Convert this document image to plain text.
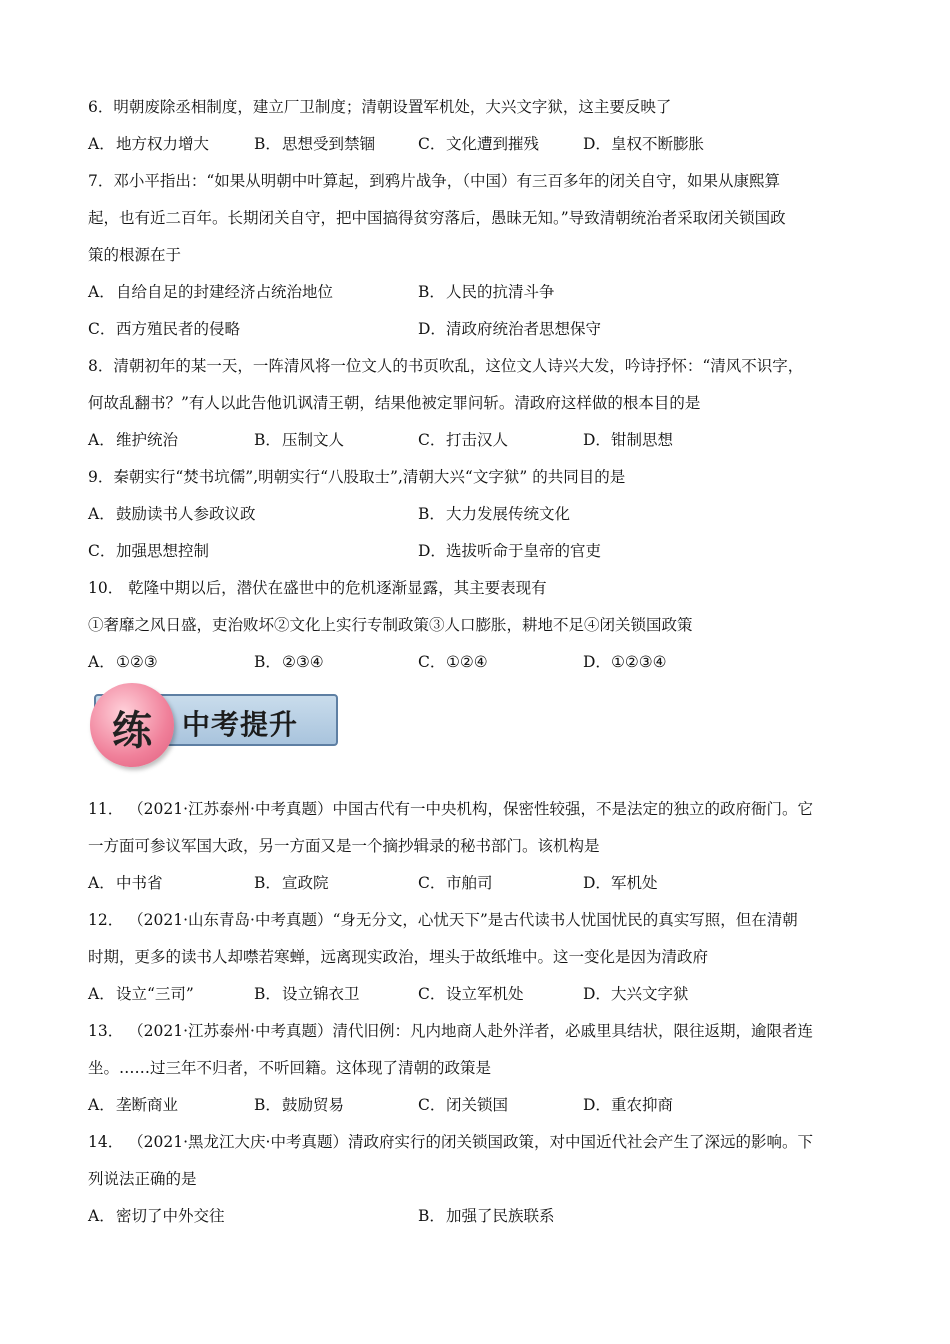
6．明朝废除丞相制度，建立厂卫制度；清朝设置军机处，大兴文字狱，这主要反映了
A．地方权力增大	B．思想受到禁锢	C．文化遭到摧残	D．皇权不断膨胀
7．邓小平指出：“如果从明朝中叶算起，到鸦片战争，（中国）有三百多年的闭关自守，如果从康熙算
起，也有近二百年。长期闭关自守，把中国搞得贫穷落后，愚昧无知。”导致清朝统治者采取闭关锁国政
策的根源在于
A．自给自足的封建经济占统治地位	B．人民的抗清斗争
C．西方殖民者的侵略	D．清政府统治者思想保守
8．清朝初年的某一天，一阵清风将一位文人的书页吹乱，这位文人诗兴大发，吟诗抒怀：“清风不识字，
何故乱翻书？”有人以此告他讥讽清王朝，结果他被定罪问斩。清政府这样做的根本目的是
A．维护统治	B．压制文人	C．打击汉人	D．钳制思想
9．秦朝实行“焚书坑儒”,明朝实行“八股取士”,清朝大兴“文字狱” 的共同目的是
A．鼓励读书人参政议政	B．大力发展传统文化
C．加强思想控制	D．选拔听命于皇帝的官吏
10． 乾隆中期以后，潜伏在盛世中的危机逐渐显露，其主要表现有
①奢靡之风日盛，吏治败坏②文化上实行专制政策③人口膨胀，耕地不足④闭关锁国政策
A．①②③	B．②③④	C．①②④	D．①②③④
练 中考提升
11． （2021·江苏泰州·中考真题）中国古代有一中央机构，保密性较强，不是法定的独立的政府衙门。它
一方面可参议军国大政，另一方面又是一个摘抄辑录的秘书部门。该机构是
A．中书省	B．宣政院	C．市舶司	D．军机处
12． （2021·山东青岛·中考真题）“身无分文，心忧天下”是古代读书人忧国忧民的真实写照，但在清朝
时期，更多的读书人却噤若寒蝉，远离现实政治，埋头于故纸堆中。这一变化是因为清政府
A．设立“三司”	B．设立锦衣卫	C．设立军机处	D．大兴文字狱
13． （2021·江苏泰州·中考真题）清代旧例：凡内地商人赴外洋者，必戚里具结状，限往返期，逾限者连
坐。……过三年不归者，不听回籍。这体现了清朝的政策是
A．垄断商业	B．鼓励贸易	C．闭关锁国	D．重农抑商
14． （2021·黑龙江大庆·中考真题）清政府实行的闭关锁国政策，对中国近代社会产生了深远的影响。下
列说法正确的是
A．密切了中外交往	B．加强了民族联系
